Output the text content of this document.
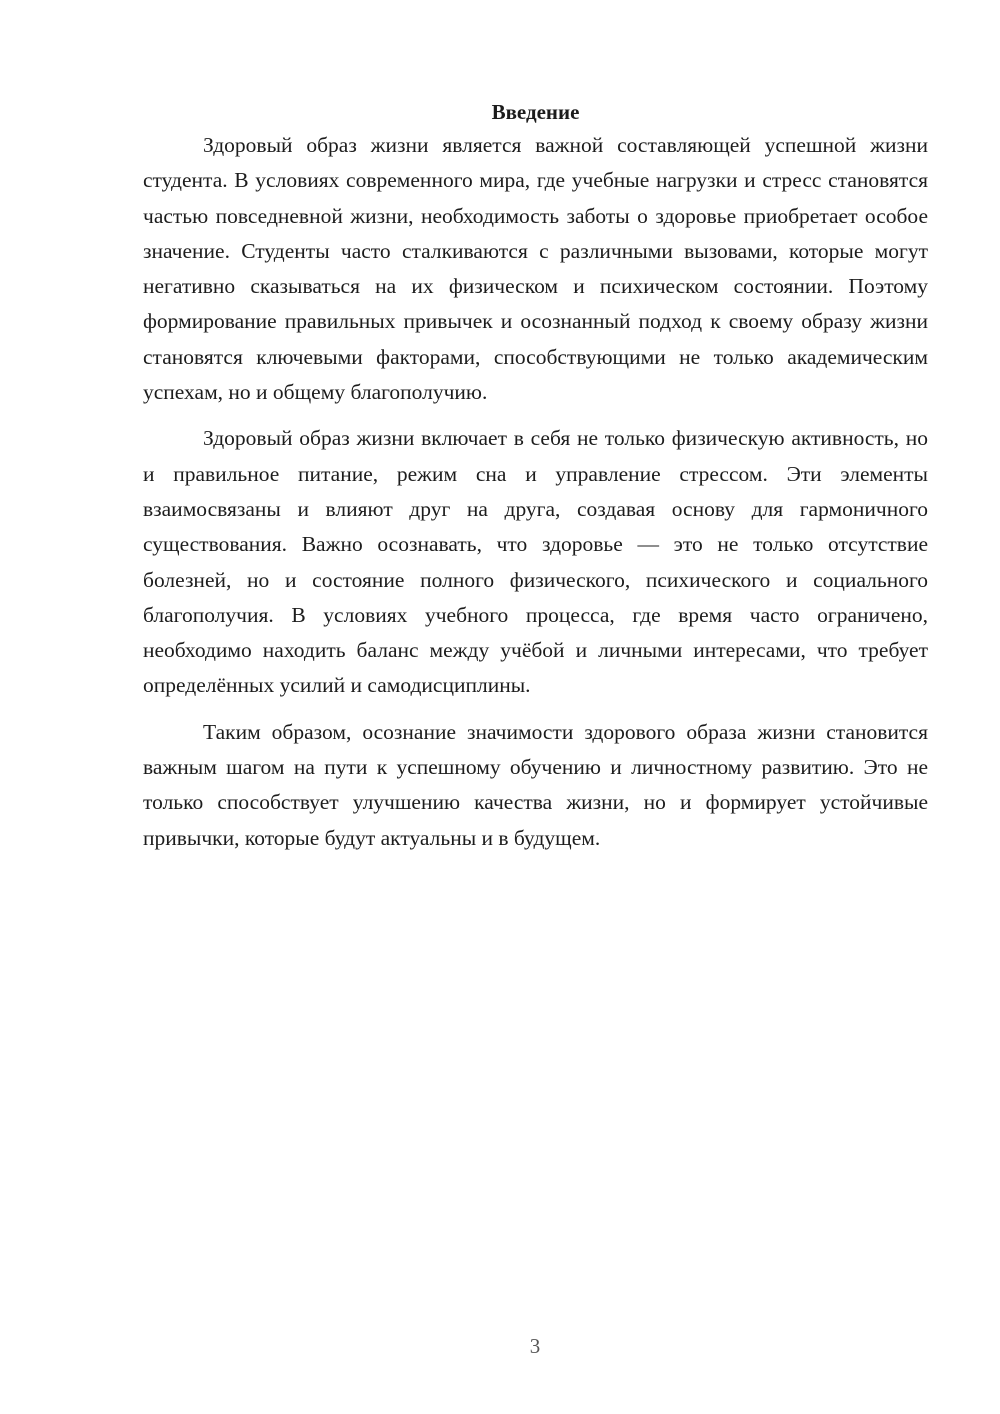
Введение

Здоровый образ жизни является важной составляющей успешной жизни студента. В условиях современного мира, где учебные нагрузки и стресс становятся частью повседневной жизни, необходимость заботы о здоровье приобретает особое значение. Студенты часто сталкиваются с различными вызовами, которые могут негативно сказываться на их физическом и психическом состоянии. Поэтому формирование правильных привычек и осознанный подход к своему образу жизни становятся ключевыми факторами, способствующими не только академическим успехам, но и общему благополучию.

Здоровый образ жизни включает в себя не только физическую активность, но и правильное питание, режим сна и управление стрессом. Эти элементы взаимосвязаны и влияют друг на друга, создавая основу для гармоничного существования. Важно осознавать, что здоровье — это не только отсутствие болезней, но и состояние полного физического, психического и социального благополучия. В условиях учебного процесса, где время часто ограничено, необходимо находить баланс между учёбой и личными интересами, что требует определённых усилий и самодисциплины.

Таким образом, осознание значимости здорового образа жизни становится важным шагом на пути к успешному обучению и личностному развитию. Это не только способствует улучшению качества жизни, но и формирует устойчивые привычки, которые будут актуальны и в будущем.

3
